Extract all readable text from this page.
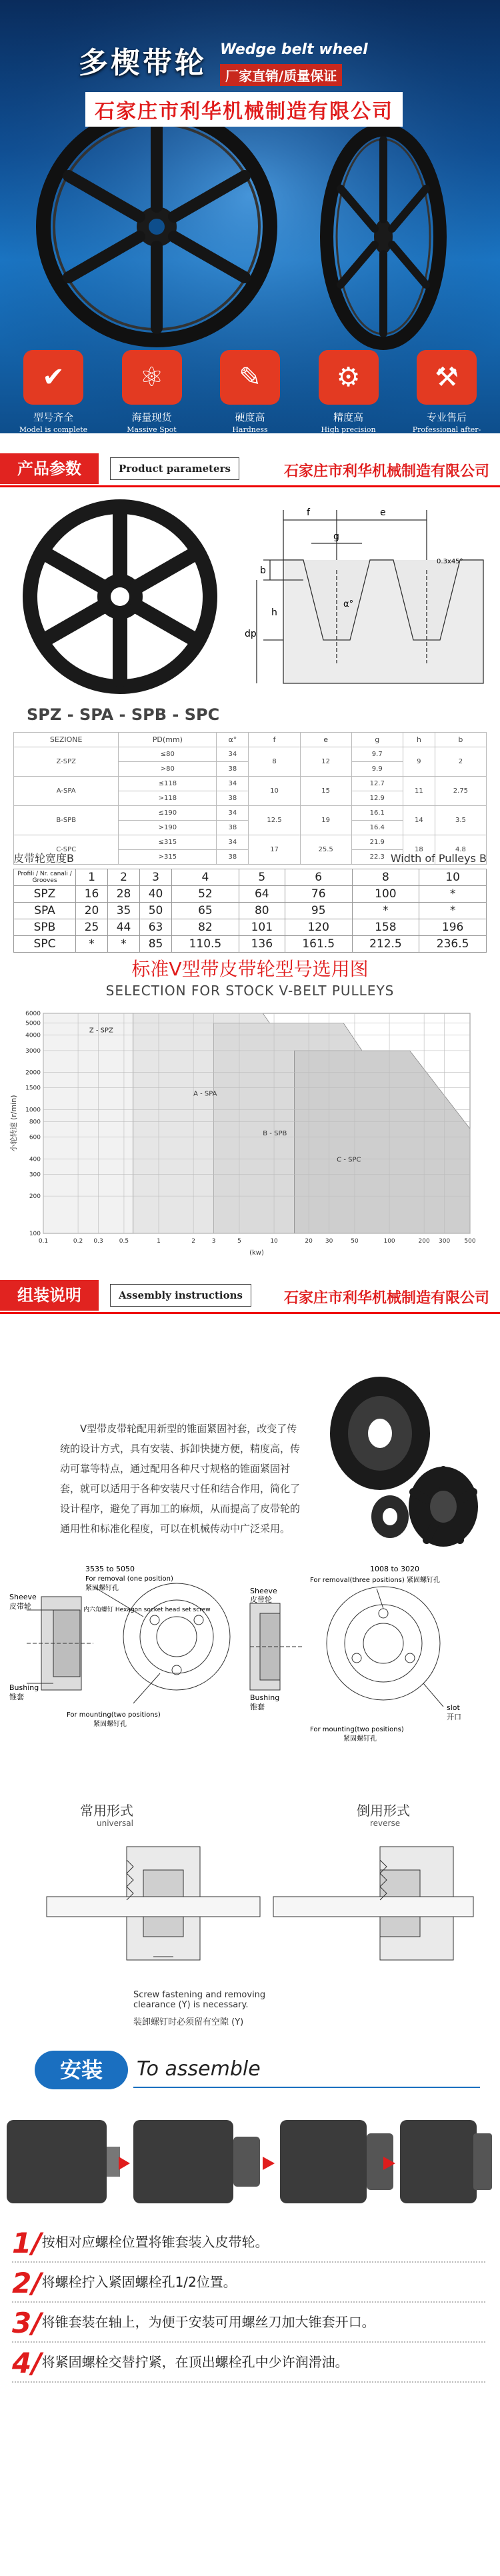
多楔带轮 Wedge belt wheel
厂家直销/质量保证
石家庄市利华机械制造有限公司
✔
型号齐全
Model is complete
⚛
海量现货
Massive Spot
✎
硬度高
Hardness
⚙
精度高
High precision
⚒
专业售后
Professional after-sales
产品参数	Product parameters	石家庄市利华机械制造有限公司
f	e
g
b
h
dp
α°
0.3x45°
SPZ - SPA - SPB - SPC
SEZIONE	PD(mm)	α°	f	e	g	h	b
Z-SPZ	≤80	34	8	12	9.7	9	2
	>80	38			9.9		
A-SPA	≤118	34	10	15	12.7	11	2.75
	>118	38			12.9		
B-SPB	≤190	34	12.5	19	16.1	14	3.5
	>190	38			16.4		
C-SPC	≤315	34	17	25.5	21.9	18	4.8
	>315	38			22.3		
皮带轮宽度B	Width of Pulleys B
Profili / Nr. canali / Grooves	1	2	3	4	5	6	8	10
SPZ	16	28	40	52	64	76	100	*
SPA	20	35	50	65	80	95	*	*
SPB	25	44	63	82	101	120	158	196
SPC	*	*	85	110.5	136	161.5	212.5	236.5
标准V型带皮带轮型号选用图
SELECTION FOR STOCK V-BELT PULLEYS
0.1	0.2 0.3	0.5	1	2	3	5	10	20 30	50	100	200 300 500
6000
5000
4000
3000
2000
1500
1000
800
600
400
300
200
100
Z - SPZ
A - SPA
B - SPB
C - SPC
(kw)
小轮转速 (r/min)
组装说明	Assembly instructions	石家庄市利华机械制造有限公司
V型带皮带轮配用新型的锥面紧固衬套，改变了传统的设计方式，具有安装、拆卸快捷方便，精度高，传动可靠等特点，通过配用各种尺寸规格的锥面紧固衬套，就可以适用于各种安装尺寸任和结合作用，简化了设计程序，避免了再加工的麻烦，从而提高了皮带轮的通用性和标准化程度，可以在机械传动中广泛采用。
3535 to 5050
For removal (one position)
紧固螺钉孔
Sheeve
皮带轮	内六角螺钉 Hexagon socket head set screw
Bushing
锥套
For mounting(two positions)
紧固螺钉孔
1008 to 3020
For removal(three positions) 紧固螺钉孔
Sheeve
皮带轮
Bushing
锥套	slot
开口
For mounting(two positions)
紧固螺钉孔
常用形式
universal
倒用形式
reverse
Screw fastening and removing clearance (Y) is necessary.
装卸螺钉时必须留有空隙 (Y)
安装	To assemble
1/按相对应螺栓位置将锥套装入皮带轮。
2/将螺栓拧入紧固螺栓孔1/2位置。
3/将锥套装在轴上，为便于安装可用螺丝刀加大锥套开口。
4/将紧固螺栓交替拧紧，在顶出螺栓孔中少许润滑油。
